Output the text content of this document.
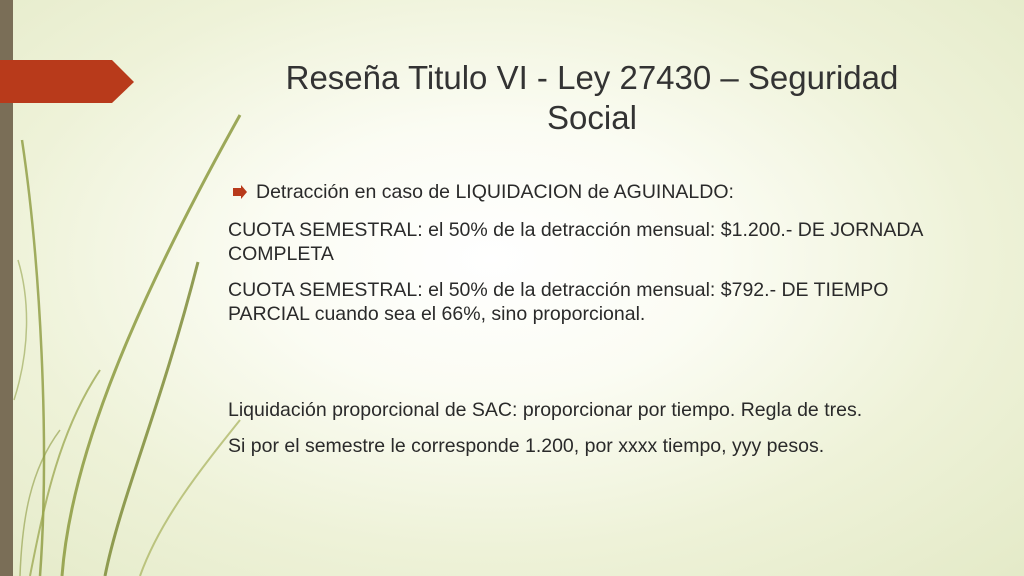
Reseña Titulo VI - Ley 27430 – Seguridad Social
Detracción en caso de LIQUIDACION de AGUINALDO:

CUOTA SEMESTRAL: el 50% de la detracción mensual: $1.200.- DE JORNADA COMPLETA

CUOTA SEMESTRAL: el 50% de la detracción mensual: $792.- DE TIEMPO PARCIAL cuando sea el 66%, sino proporcional.

Liquidación proporcional de SAC: proporcionar por tiempo. Regla de tres.

Si por el semestre le corresponde 1.200, por xxxx tiempo, yyy pesos.
